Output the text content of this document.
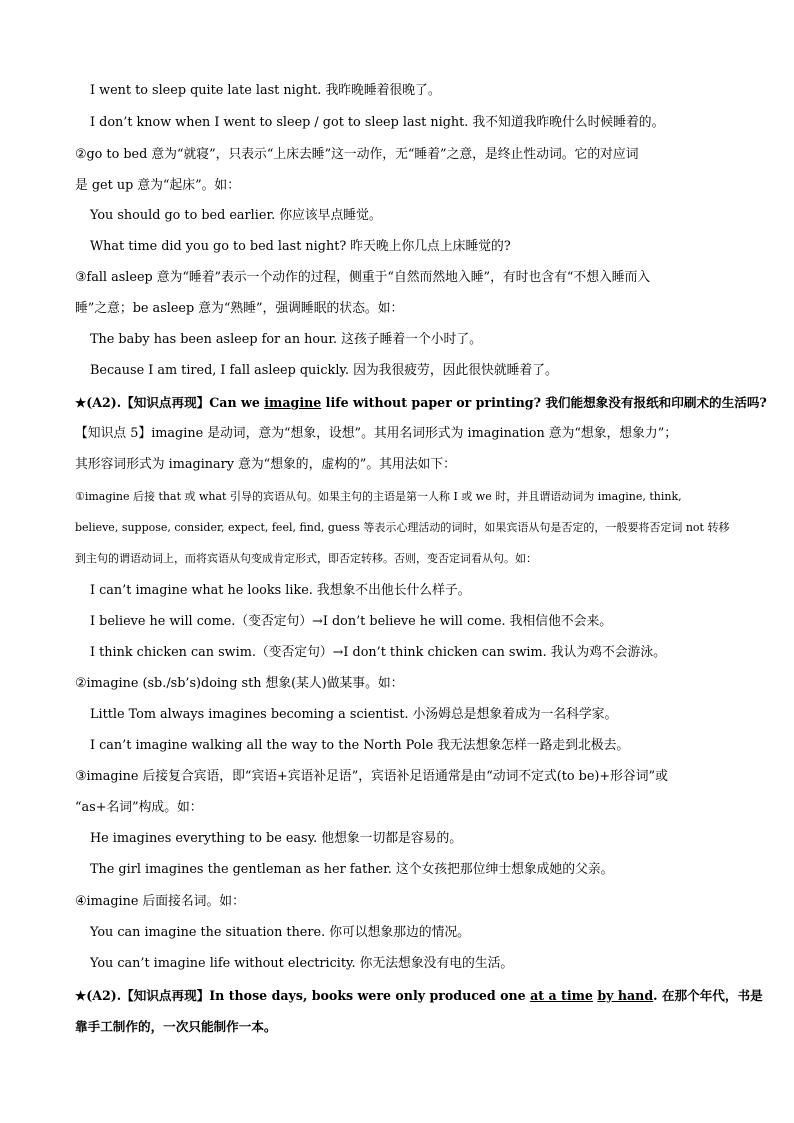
I went to sleep quite late last night. 我昨晚睡着很晚了。
I don’t know when I went to sleep / got to sleep last night. 我不知道我昨晚什么时候睡着的。
②go to bed 意为“就寝”，只表示“上床去睡”这一动作，无“睡着”之意，是终止性动词。它的对应词
是 get up 意为“起床”。如：
You should go to bed earlier. 你应该早点睡觉。
What time did you go to bed last night? 昨天晚上你几点上床睡觉的?
③fall asleep 意为“睡着”表示一个动作的过程，侧重于“自然而然地入睡”，有时也含有“不想入睡而入
睡”之意；be asleep 意为“熟睡”，强调睡眠的状态。如：
The baby has been asleep for an hour. 这孩子睡着一个小时了。
Because I am tired, I fall asleep quickly. 因为我很疲劳，因此很快就睡着了。
★(A2).【知识点再现】Can we imagine life without paper or printing? 我们能想象没有报纸和印刷术的生活吗?
【知识点 5】imagine 是动词，意为“想象，设想”。其用名词形式为 imagination 意为“想象，想象力”；
其形容词形式为 imaginary 意为“想象的，虚构的”。其用法如下：
①imagine 后接 that 或 what 引导的宾语从句。如果主句的主语是第一人称 I 或 we 时，并且谓语动词为 imagine, think,
believe, suppose, consider, expect, feel, find, guess 等表示心理活动的词时，如果宾语从句是否定的，一般要将否定词 not 转移
到主句的谓语动词上，而将宾语从句变成肯定形式，即否定转移。否则，变否定词看从句。如：
I can’t imagine what he looks like. 我想象不出他长什么样子。
I believe he will come.（变否定句）→I don’t believe he will come. 我相信他不会来。
I think chicken can swim.（变否定句）→I don’t think chicken can swim. 我认为鸡不会游泳。
②imagine (sb./sb’s)doing sth 想象(某人)做某事。如：
Little Tom always imagines becoming a scientist. 小汤姆总是想象着成为一名科学家。
I can’t imagine walking all the way to the North Pole 我无法想象怎样一路走到北极去。
③imagine 后接复合宾语，即“宾语+宾语补足语”，宾语补足语通常是由“动词不定式(to be)+形谷词”或
“as+名词”构成。如：
He imagines everything to be easy. 他想象一切都是容易的。
The girl imagines the gentleman as her father. 这个女孩把那位绅士想象成她的父亲。
④imagine 后面接名词。如：
You can imagine the situation there. 你可以想象那边的情况。
You can’t imagine life without electricity. 你无法想象没有电的生活。
★(A2).【知识点再现】In those days, books were only produced one at a time by hand. 在那个年代，书是
靠手工制作的，一次只能制作一本。
